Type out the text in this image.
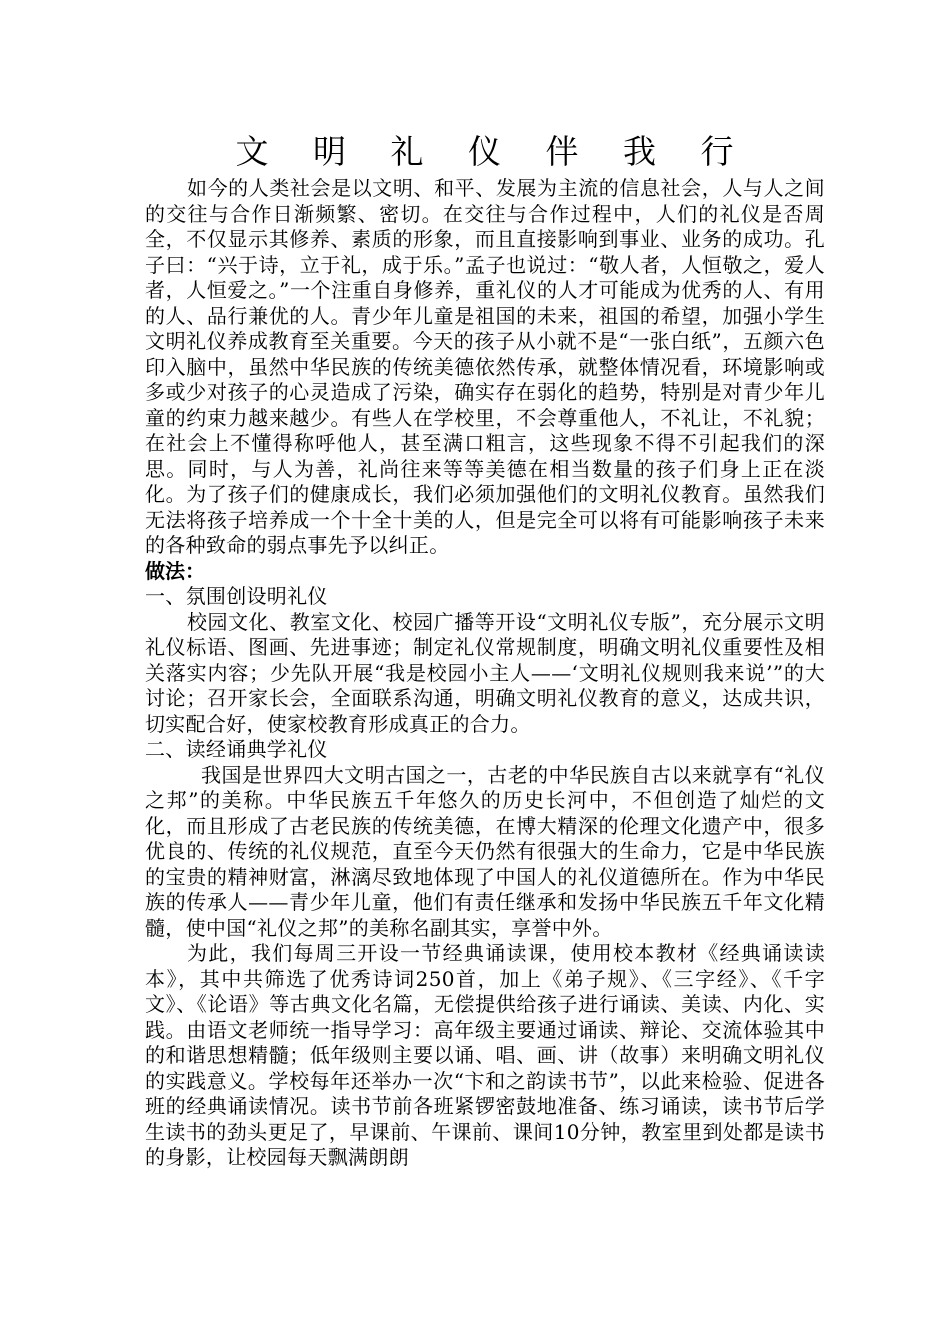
文 明 礼 仪 伴 我 行

如今的人类社会是以文明、和平、发展为主流的信息社会，人与人之间的交往与合作日渐频繁、密切。在交往与合作过程中，人们的礼仪是否周全，不仅显示其修养、素质的形象，而且直接影响到事业、业务的成功。孔子曰：“兴于诗，立于礼，成于乐。”孟子也说过：“敬人者，人恒敬之，爱人者，人恒爱之。”一个注重自身修养，重礼仪的人才可能成为优秀的人、有用的人、品行兼优的人。青少年儿童是祖国的未来，祖国的希望，加强小学生文明礼仪养成教育至关重要。今天的孩子从小就不是“一张白纸”，五颜六色印入脑中，虽然中华民族的传统美德依然传承，就整体情况看，环境影响或多或少对孩子的心灵造成了污染，确实存在弱化的趋势，特别是对青少年儿童的约束力越来越少。有些人在学校里，不会尊重他人，不礼让，不礼貌；在社会上不懂得称呼他人，甚至满口粗言，这些现象不得不引起我们的深思。同时，与人为善，礼尚往来等等美德在相当数量的孩子们身上正在淡化。为了孩子们的健康成长，我们必须加强他们的文明礼仪教育。虽然我们无法将孩子培养成一个十全十美的人，但是完全可以将有可能影响孩子未来的各种致命的弱点事先予以纠正。

做法：

一、氛围创设明礼仪

校园文化、教室文化、校园广播等开设“文明礼仪专版”，充分展示文明礼仪标语、图画、先进事迹；制定礼仪常规制度，明确文明礼仪重要性及相关落实内容；少先队开展“我是校园小主人——‘文明礼仪规则我来说’”的大讨论；召开家长会，全面联系沟通，明确文明礼仪教育的意义，达成共识，切实配合好，使家校教育形成真正的合力。

二、读经诵典学礼仪

我国是世界四大文明古国之一，古老的中华民族自古以来就享有“礼仪之邦”的美称。中华民族五千年悠久的历史长河中，不但创造了灿烂的文化，而且形成了古老民族的传统美德，在博大精深的伦理文化遗产中，很多优良的、传统的礼仪规范，直至今天仍然有很强大的生命力，它是中华民族的宝贵的精神财富，淋漓尽致地体现了中国人的礼仪道德所在。作为中华民族的传承人——青少年儿童，他们有责任继承和发扬中华民族五千年文化精髓，使中国“礼仪之邦”的美称名副其实，享誉中外。

为此，我们每周三开设一节经典诵读课，使用校本教材《经典诵读读本》，其中共筛选了优秀诗词250首，加上《弟子规》、《三字经》、《千字文》、《论语》等古典文化名篇，无偿提供给孩子进行诵读、美读、内化、实践。由语文老师统一指导学习：高年级主要通过诵读、辩论、交流体验其中的和谐思想精髓；低年级则主要以诵、唱、画、讲（故事）来明确文明礼仪的实践意义。学校每年还举办一次“卞和之韵读书节”，以此来检验、促进各班的经典诵读情况。读书节前各班紧锣密鼓地准备、练习诵读，读书节后学生读书的劲头更足了，早课前、午课前、课间10分钟，教室里到处都是读书的身影，让校园每天飘满朗朗
